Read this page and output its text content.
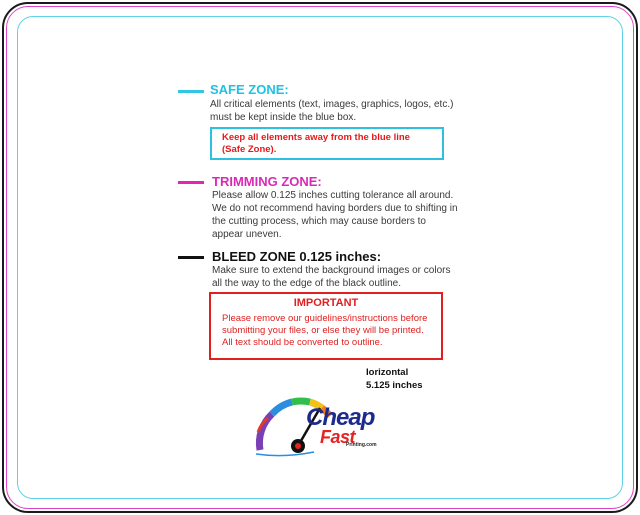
SAFE ZONE:
All critical elements (text, images, graphics, logos, etc.)
must be kept inside the blue box.
Keep all elements away from the blue line
(Safe Zone).
TRIMMING ZONE:
Please allow 0.125 inches cutting tolerance all around.
We do not recommend having borders due to shifting in
the cutting process, which may cause borders to
appear uneven.
BLEED ZONE 0.125 inches:
Make sure to extend the background images or colors
all the way to the edge of the black outline.
IMPORTANT
Please remove our guidelines/instructions before
submitting your files, or else they will be printed.
All text should be converted to outline.
Iorizontal
5.125 inches
Cheap
Fast
Printing.com
